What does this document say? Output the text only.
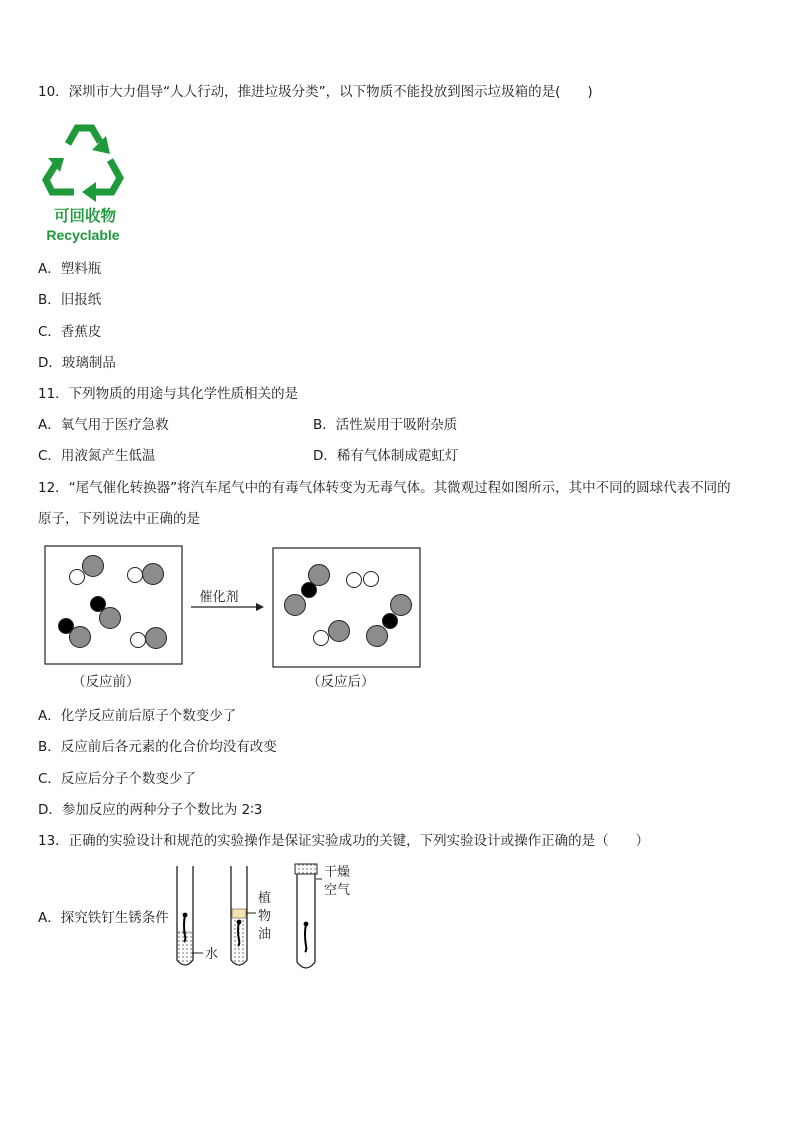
10．深圳市大力倡导“人人行动，推进垃圾分类”，以下物质不能投放到图示垃圾箱的是(　　)
可回收物
Recyclable
A．塑料瓶
B．旧报纸
C．香蕉皮
D．玻璃制品
11．下列物质的用途与其化学性质相关的是
A．氧气用于医疗急救	B．活性炭用于吸附杂质
C．用液氮产生低温	D．稀有气体制成霓虹灯
12．“尾气催化转换器”将汽车尾气中的有毒气体转变为无毒气体。其微观过程如图所示，其中不同的圆球代表不同的
原子，下列说法中正确的是
催化剂
（反应前）	（反应后）
A．化学反应前后原子个数变少了
B．反应前后各元素的化合价均没有改变
C．反应后分子个数变少了
D．参加反应的两种分子个数比为 2∶3
13．正确的实验设计和规范的实验操作是保证实验成功的关键，下列实验设计或操作正确的是（　　）
A．探究铁钉生锈条件
水
植
物
油
干燥
空气
